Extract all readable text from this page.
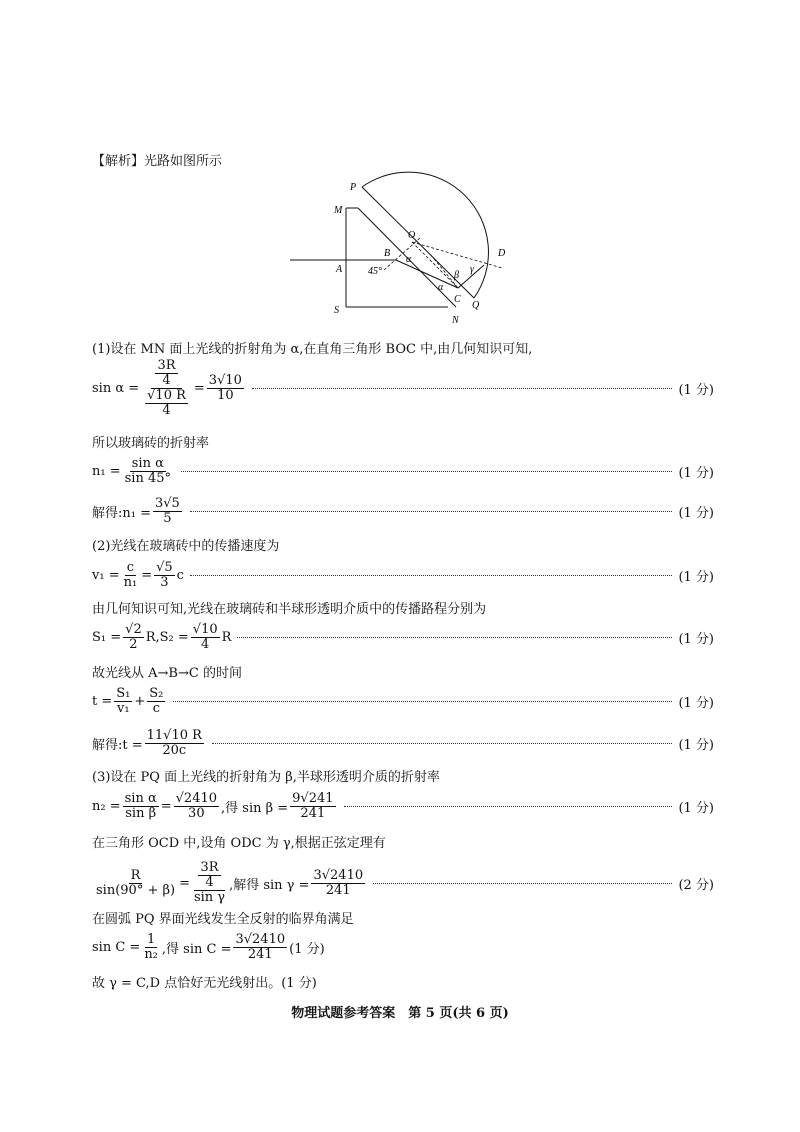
【解析】光路如图所示
P
M
O
D
B
α
A	45°	β
γ
α
C
Q
S
N
(1)设在 MN 面上光线的折射角为 α,在直角三角形 BOC 中,由几何知识可知,
$\sin \alpha = \frac{\frac{3R}{4}}{\frac{√10 R}{4}} = \frac{3√10}{10}$	(1 分)
所以玻璃砖的折射率
$n_1 = \frac{\text{sin α}}{\sin 45^\circ}$	(1 分)
解得:n₁ = $\frac{3√5}{5}$	(1 分)
(2)光线在玻璃砖中的传播速度为
$v_1 = \frac{c}{\text{n₁}} = \frac{√5}{3}$ c	(1 分)
由几何知识可知,光线在玻璃砖和半球形透明介质中的传播路程分别为
$S_1 = \frac{√2}{2} R,S_2 = \frac{√10}{4}$ R	(1 分)
故光线从 A→B→C 的时间
$t = \frac{\text{S₁}}{\text{v₁}} + \frac{\text{S₂}}{c}$	(1 分)
解得:t = $\frac{11√10 R}{20c}$	(1 分)
(3)设在 PQ 面上光线的折射角为 β,半球形透明介质的折射率
$n_2 = \frac{\text{sin α}}{\text{sin β}} = \frac{√2410}{30}$ ,得 $\sin \beta = \frac{9√241}{241}$	(1 分)
在三角形 OCD 中,设角 ODC 为 γ,根据正弦定理有
$\frac{R}{\sin(90^\circ + \beta)} = \frac{\frac{3R}{4}}{\text{sin γ}}$ ,解得 $\sin \gamma = \frac{3√2410}{241}$	(2 分)
在圆弧 PQ 界面光线发生全反射的临界角满足
$\sin C = \frac{1}{\text{n₂}}$ ,得 $\sin C = \frac{3√2410}{241} (1$ 分)
故 γ = C,D 点恰好无光线射出。(1 分)
物理试题参考答案　第 5 页(共 6 页)
